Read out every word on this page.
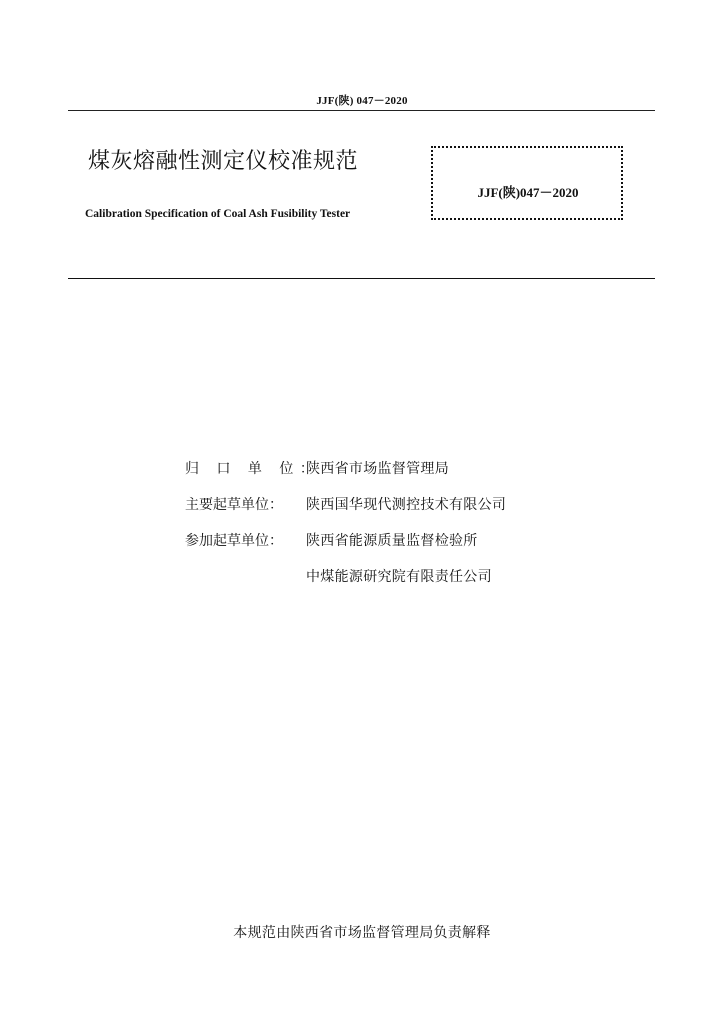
JJF(陕) 047－2020
煤灰熔融性测定仪校准规范
Calibration Specification of Coal Ash Fusibility Tester
JJF(陕)047－2020
归 口 单 位：
陕西省市场监督管理局
主要起草单位：	陕西国华现代测控技术有限公司
参加起草单位：	陕西省能源质量监督检验所
中煤能源研究院有限责任公司
本规范由陕西省市场监督管理局负责解释
